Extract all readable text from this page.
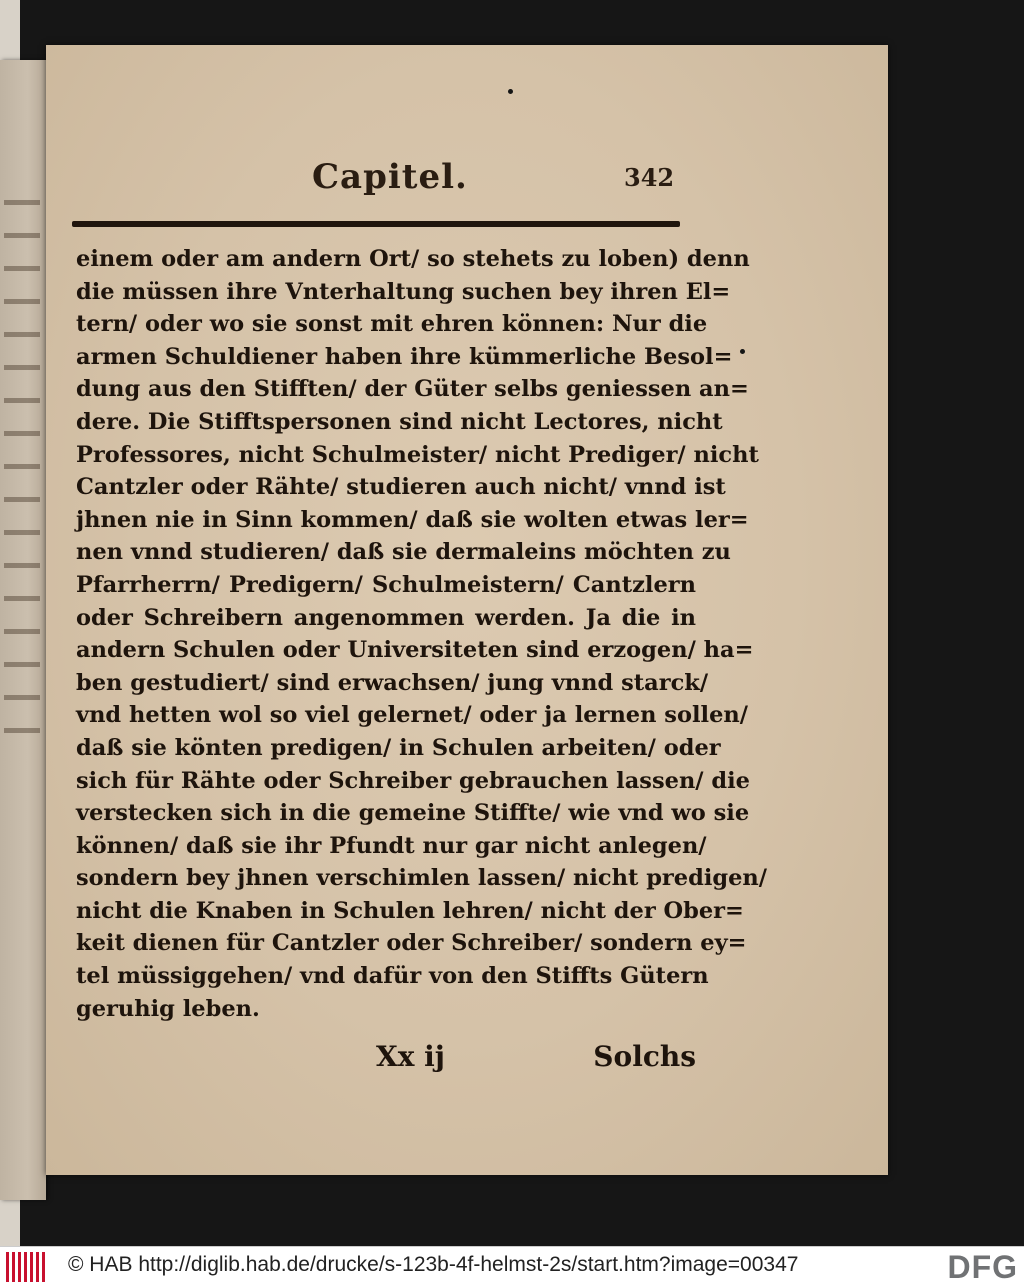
Capitel.	342
einem oder am andern Ort/ so stehets zu loben) denn
die müssen ihre Vnterhaltung suchen bey ihren El=
tern/ oder wo sie sonst mit ehren können: Nur die
armen Schuldiener haben ihre kümmerliche Besol=
dung aus den Stifften/ der Güter selbs geniessen an=
dere. Die Stifftspersonen sind nicht Lectores, nicht
Professores, nicht Schulmeister/ nicht Prediger/ nicht
Cantzler oder Rähte/ studieren auch nicht/ vnnd ist
jhnen nie in Sinn kommen/ daß sie wolten etwas ler=
nen vnnd studieren/ daß sie dermaleins möchten zu
Pfarrherrn/ Predigern/ Schulmeistern/ Cantzlern
oder Schreibern angenommen werden. Ja die in
andern Schulen oder Universiteten sind erzogen/ ha=
ben gestudiert/ sind erwachsen/ jung vnnd starck/
vnd hetten wol so viel gelernet/ oder ja lernen sollen/
daß sie könten predigen/ in Schulen arbeiten/ oder
sich für Rähte oder Schreiber gebrauchen lassen/ die
verstecken sich in die gemeine Stiffte/ wie vnd wo sie
können/ daß sie ihr Pfundt nur gar nicht anlegen/
sondern bey jhnen verschimlen lassen/ nicht predigen/
nicht die Knaben in Schulen lehren/ nicht der Ober=
keit dienen für Cantzler oder Schreiber/ sondern ey=
tel müssiggehen/ vnd dafür von den Stiffts Gütern
geruhig leben.
Xx ij	Solchs
© HAB http://diglib.hab.de/drucke/s-123b-4f-helmst-2s/start.htm?image=00347	DFG
